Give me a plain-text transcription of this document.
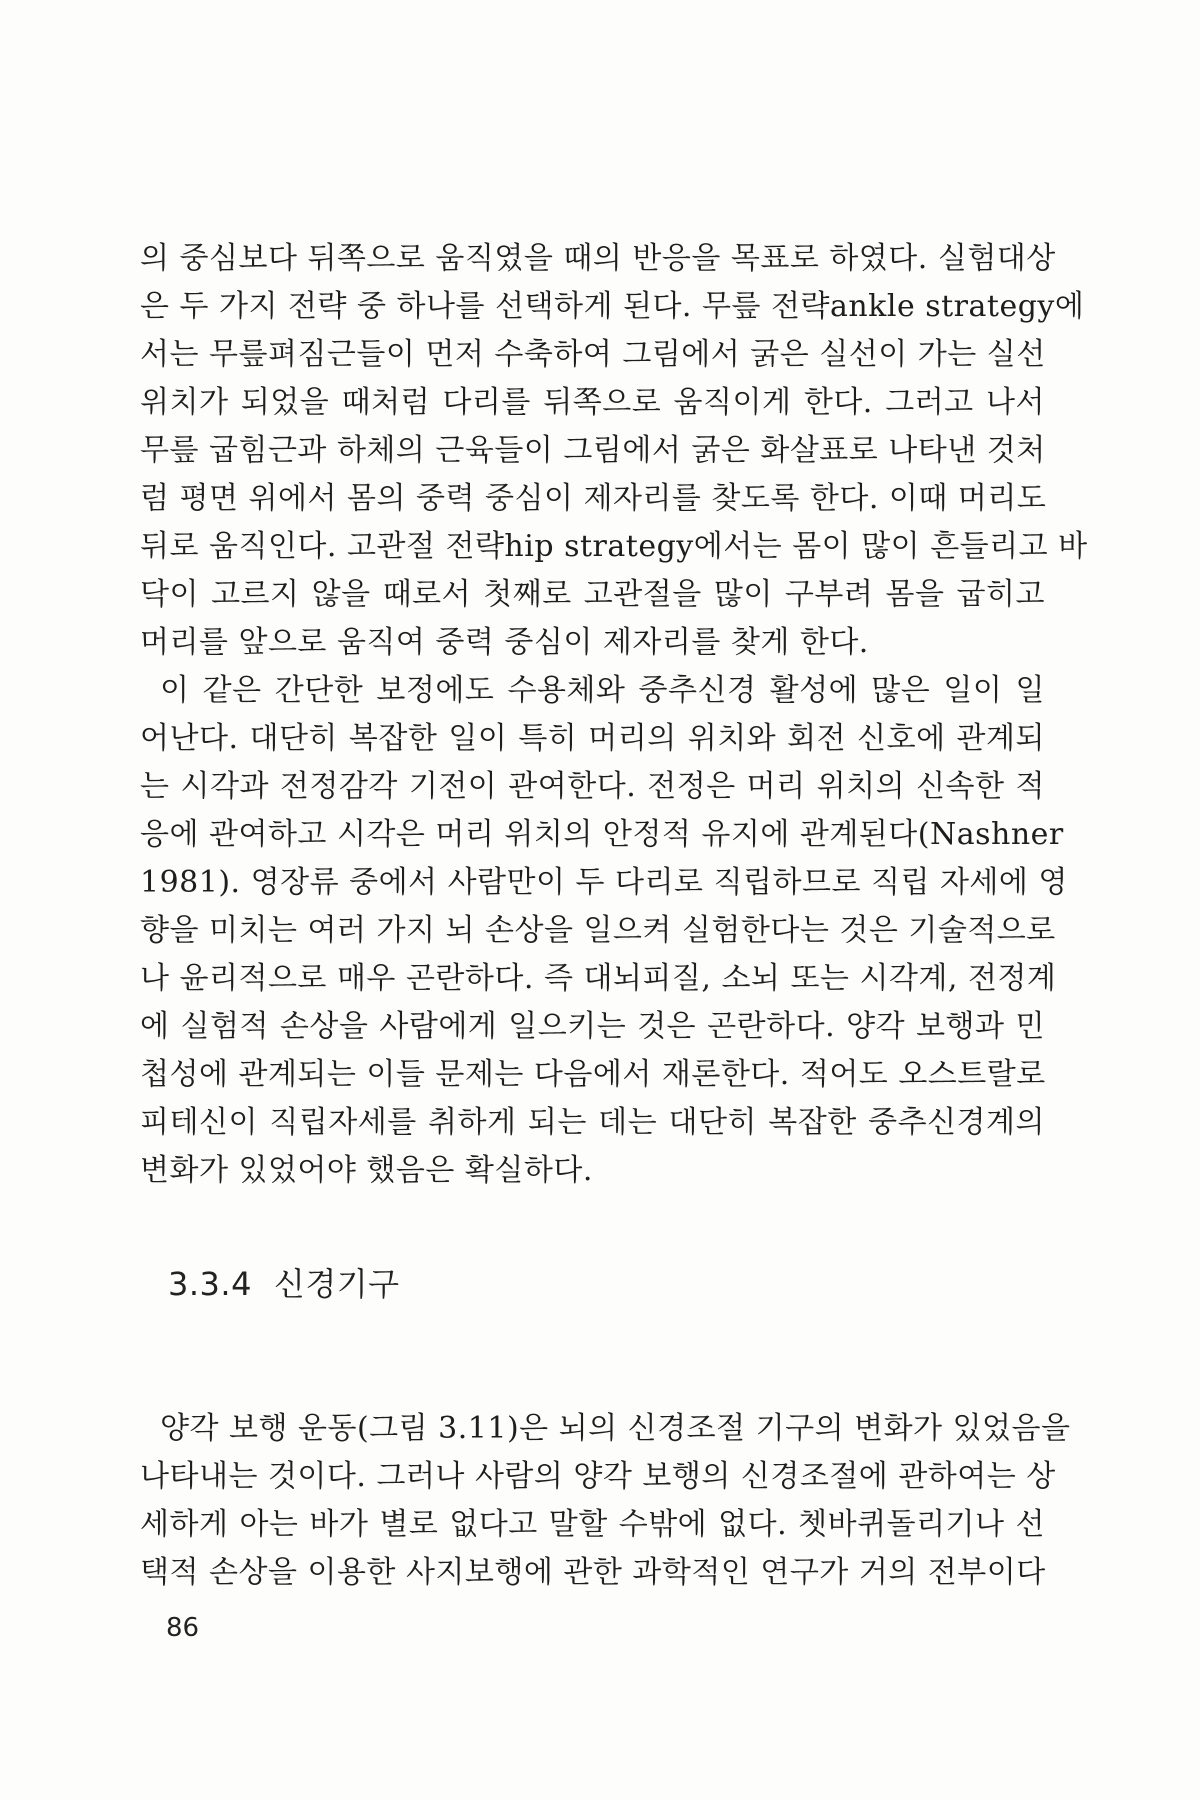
의 중심보다 뒤쪽으로 움직였을 때의 반응을 목표로 하였다. 실험대상
은 두 가지 전략 중 하나를 선택하게 된다. 무릎 전략ankle strategy에
서는 무릎펴짐근들이 먼저 수축하여 그림에서 굵은 실선이 가는 실선
위치가 되었을 때처럼 다리를 뒤쪽으로 움직이게 한다. 그러고 나서
무릎 굽힘근과 하체의 근육들이 그림에서 굵은 화살표로 나타낸 것처
럼 평면 위에서 몸의 중력 중심이 제자리를 찾도록 한다. 이때 머리도
뒤로 움직인다. 고관절 전략hip strategy에서는 몸이 많이 흔들리고 바
닥이 고르지 않을 때로서 첫째로 고관절을 많이 구부려 몸을 굽히고
머리를 앞으로 움직여 중력 중심이 제자리를 찾게 한다.
이 같은 간단한 보정에도 수용체와 중추신경 활성에 많은 일이 일
어난다. 대단히 복잡한 일이 특히 머리의 위치와 회전 신호에 관계되
는 시각과 전정감각 기전이 관여한다. 전정은 머리 위치의 신속한 적
응에 관여하고 시각은 머리 위치의 안정적 유지에 관계된다(Nashner
1981). 영장류 중에서 사람만이 두 다리로 직립하므로 직립 자세에 영
향을 미치는 여러 가지 뇌 손상을 일으켜 실험한다는 것은 기술적으로
나 윤리적으로 매우 곤란하다. 즉 대뇌피질, 소뇌 또는 시각계, 전정계
에 실험적 손상을 사람에게 일으키는 것은 곤란하다. 양각 보행과 민
첩성에 관계되는 이들 문제는 다음에서 재론한다. 적어도 오스트랄로
피테신이 직립자세를 취하게 되는 데는 대단히 복잡한 중추신경계의
변화가 있었어야 했음은 확실하다.
3.3.4 신경기구
양각 보행 운동(그림 3.11)은 뇌의 신경조절 기구의 변화가 있었음을
나타내는 것이다. 그러나 사람의 양각 보행의 신경조절에 관하여는 상
세하게 아는 바가 별로 없다고 말할 수밖에 없다. 쳇바퀴돌리기나 선
택적 손상을 이용한 사지보행에 관한 과학적인 연구가 거의 전부이다
86
